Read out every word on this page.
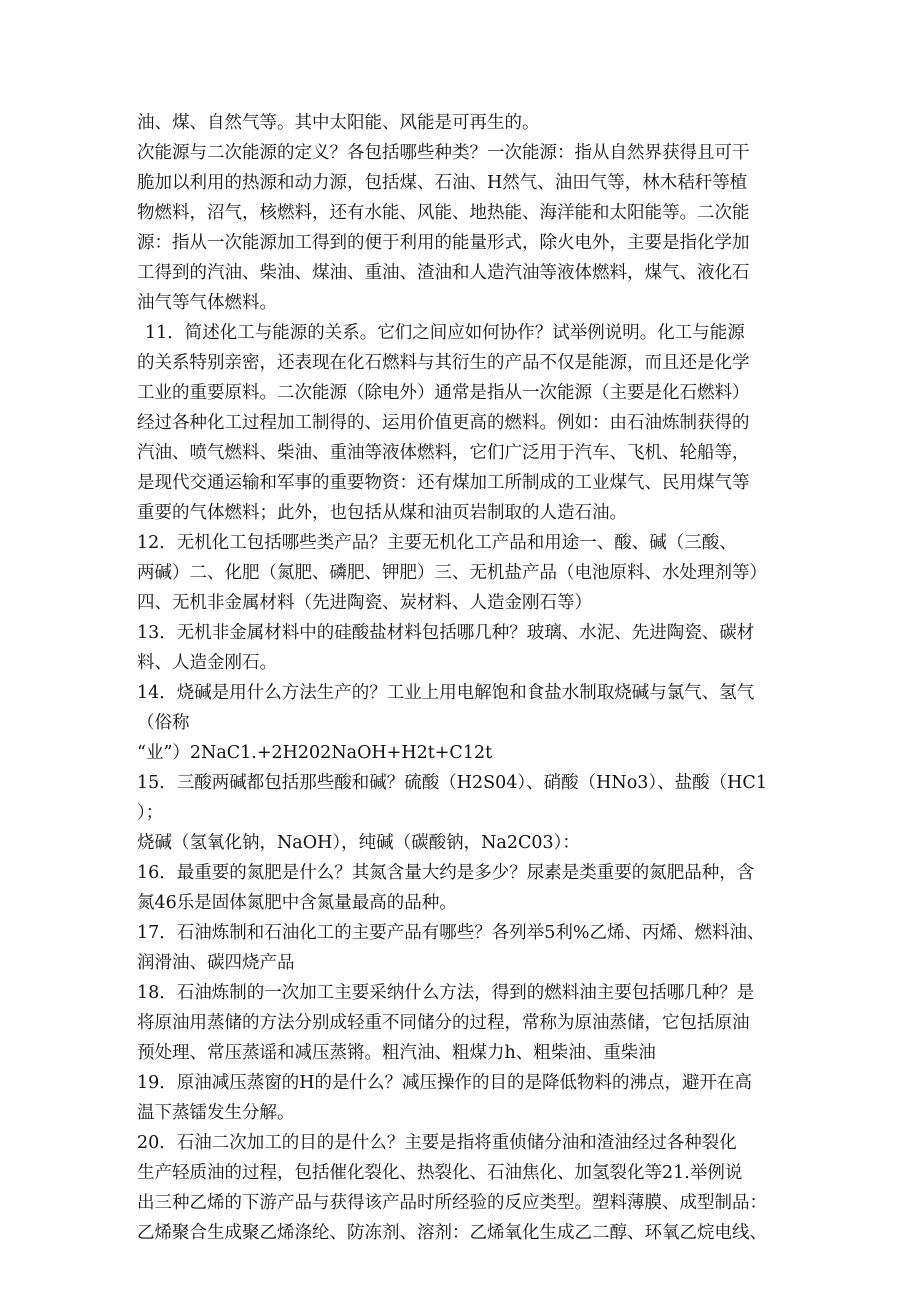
油、煤、自然气等。其中太阳能、风能是可再生的。
次能源与二次能源的定义？各包括哪些种类？一次能源：指从自然界获得且可干
脆加以利用的热源和动力源，包括煤、石油、H然气、油田气等，林木秸秆等植
物燃料，沼气，核燃料，还有水能、风能、地热能、海洋能和太阳能等。二次能
源：指从一次能源加工得到的便于利用的能量形式，除火电外，主要是指化学加
工得到的汽油、柴油、煤油、重油、渣油和人造汽油等液体燃料，煤气、液化石
油气等气体燃料。
11．简述化工与能源的关系。它们之间应如何协作？试举例说明。化工与能源
的关系特别亲密，还表现在化石燃料与其衍生的产品不仅是能源，而且还是化学
工业的重要原料。二次能源（除电外）通常是指从一次能源（主要是化石燃料）
经过各种化工过程加工制得的、运用价值更高的燃料。例如：由石油炼制获得的
汽油、喷气燃料、柴油、重油等液体燃料，它们广泛用于汽车、飞机、轮船等，
是现代交通运输和军事的重要物资：还有煤加工所制成的工业煤气、民用煤气等
重要的气体燃料；此外，也包括从煤和油页岩制取的人造石油。
12．无机化工包括哪些类产品？主要无机化工产品和用途一、酸、碱（三酸、
两碱）二、化肥（氮肥、磷肥、钾肥）三、无机盐产品（电池原料、水处理剂等）
四、无机非金属材料（先进陶瓷、炭材料、人造金刚石等）
13．无机非金属材料中的硅酸盐材料包括哪几种？玻璃、水泥、先进陶瓷、碳材
料、人造金刚石。
14．烧碱是用什么方法生产的？工业上用电解饱和食盐水制取烧碱与氯气、氢气
（俗称
“业”）2NaC1.+2H202NaOH+H2t+C12t
15．三酸两碱都包括那些酸和碱？硫酸（H2S04）、硝酸（HNo3）、盐酸（HC1
）；
烧碱（氢氧化钠，NaOH），纯碱（碳酸钠，Na2C03）：
16．最重要的氮肥是什么？其氮含量大约是多少？尿素是类重要的氮肥品种，含
氮46乐是固体氮肥中含氮量最高的品种。
17．石油炼制和石油化工的主要产品有哪些？各列举5利%乙烯、丙烯、燃料油、
润滑油、碳四烧产品
18．石油炼制的一次加工主要采纳什么方法，得到的燃料油主要包括哪几种？是
将原油用蒸储的方法分别成轻重不同储分的过程，常称为原油蒸储，它包括原油
预处理、常压蒸谣和减压蒸锵。粗汽油、粗煤力h、粗柴油、重柴油
19．原油减压蒸窗的H的是什么？减压操作的目的是降低物料的沸点，避开在高
温下蒸镭发生分解。
20．石油二次加工的目的是什么？主要是指将重侦储分油和渣油经过各种裂化
生产轻质油的过程，包括催化裂化、热裂化、石油焦化、加氢裂化等21.举例说
出三种乙烯的下游产品与获得该产品时所经验的反应类型。塑料薄膜、成型制品：
乙烯聚合生成聚乙烯涤纶、防冻剂、溶剂：乙烯氧化生成乙二醇、环氧乙烷电线、
